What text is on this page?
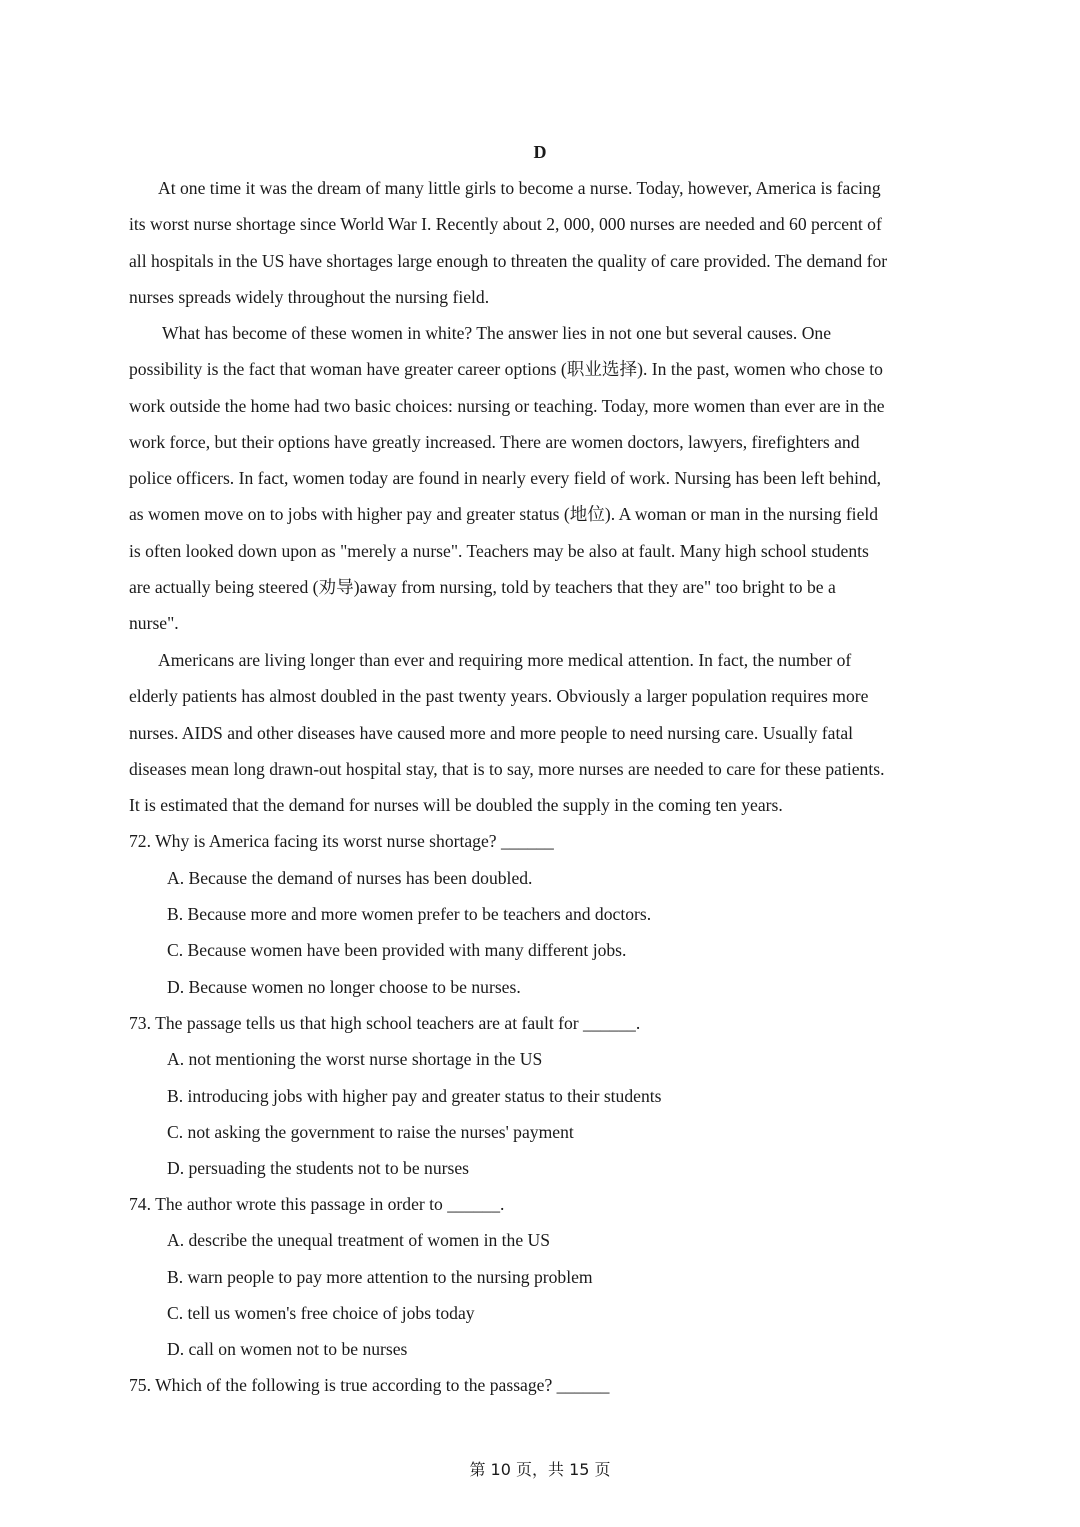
D
At one time it was the dream of many little girls to become a nurse. Today, however, America is facing
its worst nurse shortage since World War I. Recently about 2, 000, 000 nurses are needed and 60 percent of
all hospitals in the US have shortages large enough to threaten the quality of care provided. The demand for
nurses spreads widely throughout the nursing field.
What has become of these women in white? The answer lies in not one but several causes. One
possibility is the fact that woman have greater career options (职业选择). In the past, women who chose to
work outside the home had two basic choices: nursing or teaching. Today, more women than ever are in the
work force, but their options have greatly increased. There are women doctors, lawyers, firefighters and
police officers. In fact, women today are found in nearly every field of work. Nursing has been left behind,
as women move on to jobs with higher pay and greater status (地位). A woman or man in the nursing field
is often looked down upon as "merely a nurse". Teachers may be also at fault. Many high school students
are actually being steered (劝导)away from nursing, told by teachers that they are" too bright to be a
nurse".
Americans are living longer than ever and requiring more medical attention. In fact, the number of
elderly patients has almost doubled in the past twenty years. Obviously a larger population requires more
nurses. AIDS and other diseases have caused more and more people to need nursing care. Usually fatal
diseases mean long drawn-out hospital stay, that is to say, more nurses are needed to care for these patients.
It is estimated that the demand for nurses will be doubled the supply in the coming ten years.
72. Why is America facing its worst nurse shortage? ______
A. Because the demand of nurses has been doubled.
B. Because more and more women prefer to be teachers and doctors.
C. Because women have been provided with many different jobs.
D. Because women no longer choose to be nurses.
73. The passage tells us that high school teachers are at fault for ______.
A. not mentioning the worst nurse shortage in the US
B. introducing jobs with higher pay and greater status to their students
C. not asking the government to raise the nurses' payment
D. persuading the students not to be nurses
74. The author wrote this passage in order to ______.
A. describe the unequal treatment of women in the US
B. warn people to pay more attention to the nursing problem
C. tell us women's free choice of jobs today
D. call on women not to be nurses
75. Which of the following is true according to the passage? ______
第 10 页，共 15 页
